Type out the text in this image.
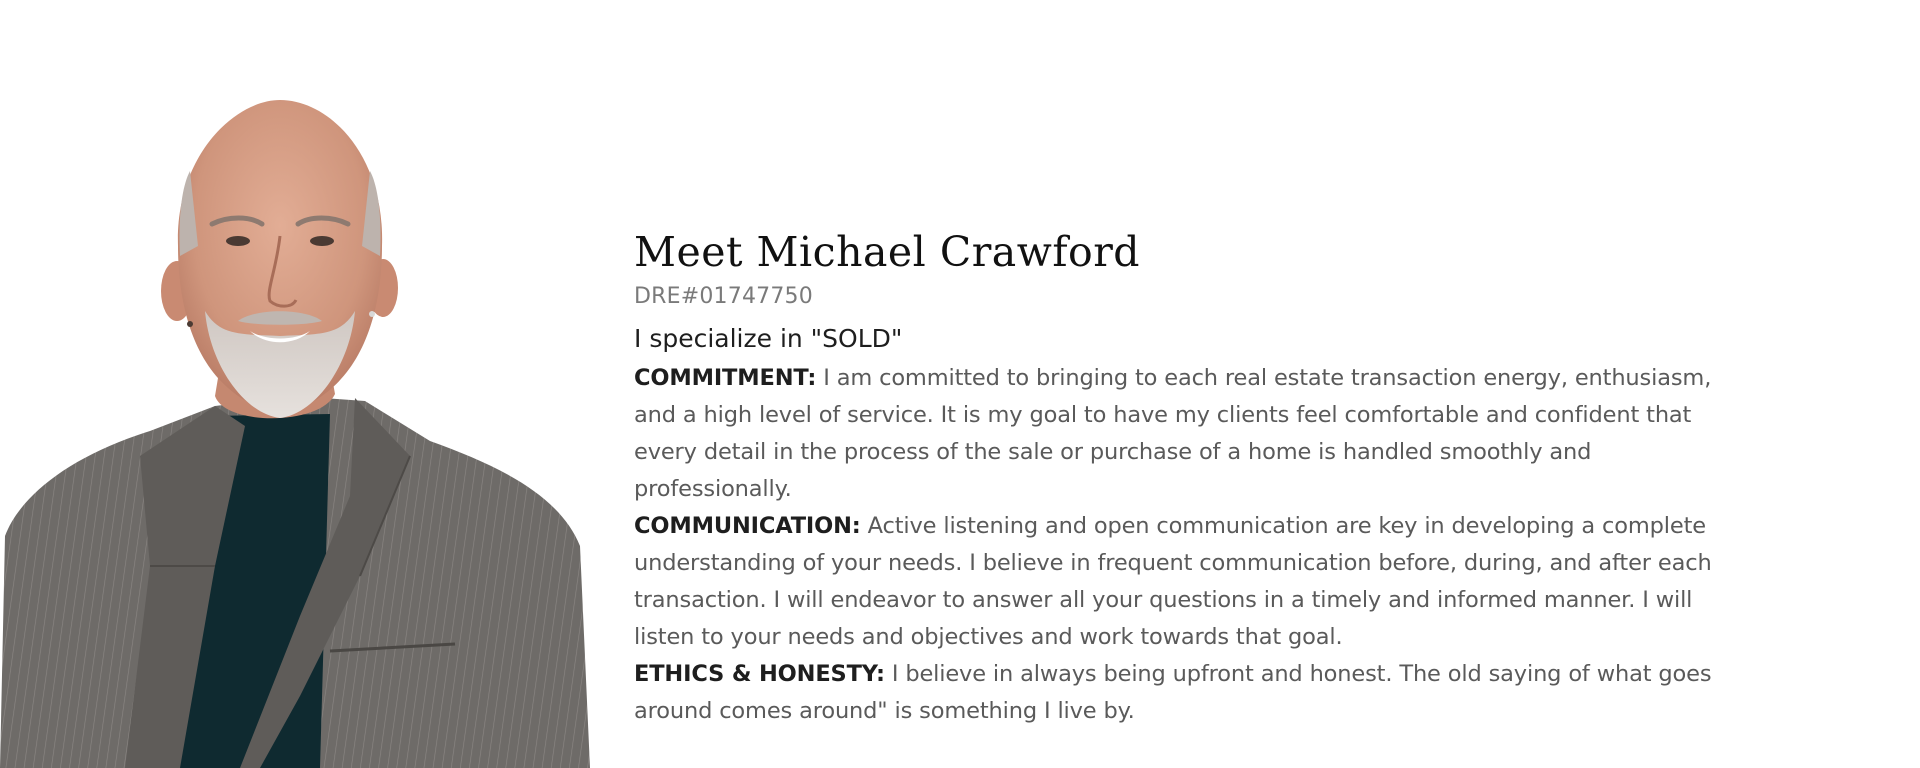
Meet Michael Crawford
DRE#01747750
I specialize in "SOLD"

COMMITMENT: I am committed to bringing to each real estate transaction energy, enthusiasm, and a high level of service. It is my goal to have my clients feel comfortable and confident that every detail in the process of the sale or purchase of a home is handled smoothly and professionally.

COMMUNICATION: Active listening and open communication are key in developing a complete understanding of your needs. I believe in frequent communication before, during, and after each transaction. I will endeavor to answer all your questions in a timely and informed manner. I will listen to your needs and objectives and work towards that goal.

ETHICS & HONESTY: I believe in always being upfront and honest. The old saying of what goes around comes around" is something I live by.
